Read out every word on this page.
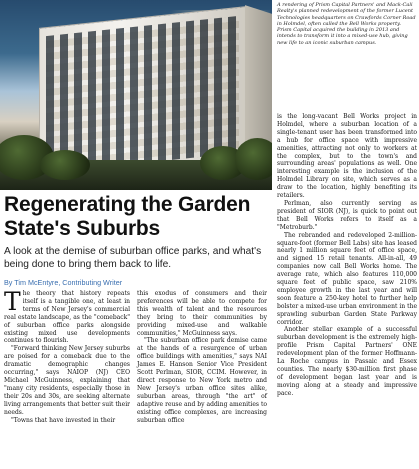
A rendering of Prism Capital Partners' and Mack-Cali Realty's planned redevelopment of the former Lucent Technologies headquarters on Crawfords Corner Road in Holmdel, often called the Bell Works property. Prism Capital acquired the building in 2013 and intends to transform it into a mixed-use hub, giving new life to an iconic suburban campus.
Regenerating the Garden State's Suburbs

A look at the demise of suburban office parks, and what's being done to bring them back to life.

By Tim McEntyre, Contributing Writer

The theory that history repeats itself is a tangible one, at least in terms of New Jersey's commercial real estate landscape, as the "comeback" of suburban office parks alongside existing mixed use developments continues to flourish.

"Forward thinking New Jersey suburbs are poised for a comeback due to the dramatic demographic changes occurring," says NAIOP (NJ) CEO Michael McGuinness, explaining that "many city residents, especially those in their 20s and 30s, are seeking alternate living arrangements that better suit their needs.

"Towns that have invested in their

this exodus of consumers and their preferences will be able to compete for this wealth of talent and the resources they bring to their communities by providing mixed-use and walkable communities," McGuinness says.

"The suburban office park demise came at the hands of a resurgence of urban office buildings with amenities," says NAI James E. Hanson Senior Vice President Scott Perlman, SIOR, CCIM. However, in direct response to New York metro and New Jersey's urban office sites alike, suburban areas, through "the art" of adaptive reuse and by adding amenities to existing office complexes, are increasing suburban office

is the long-vacant Bell Works project in Holmdel, where a suburban location of a single-tenant user has been transformed into a hub for office space with impressive amenities, attracting not only to workers at the complex, but to the town's and surrounding areas' populations as well. One interesting example is the inclusion of the Holmdel Library on site, which serves as a draw to the location, highly benefiting its retailers.

Perlman, also currently serving as president of SIOR (NJ), is quick to point out that Bell Works refers to itself as a "Metroburb."

The rebranded and redeveloped 2-million-square-foot (former Bell Labs) site has leased nearly 1 million square feet of office space, and signed 15 retail tenants. All-in-all, 49 companies now call Bell Works home. The average rate, which also features 110,000 square feet of public space, saw 210% employee growth in the last year and will soon feature a 250-key hotel to further help bolster a mixed-use urban environment in the sprawling suburban Garden State Parkway corridor.

Another stellar example of a successful suburban development is the extremely high-profile Prism Capital Partners' ONE redevelopment plan of the former Hoffmann-La Roche campus in Passaic and Essex counties. The nearly $30-million first phase of development began last year and is moving along at a steady and impressive pace.
